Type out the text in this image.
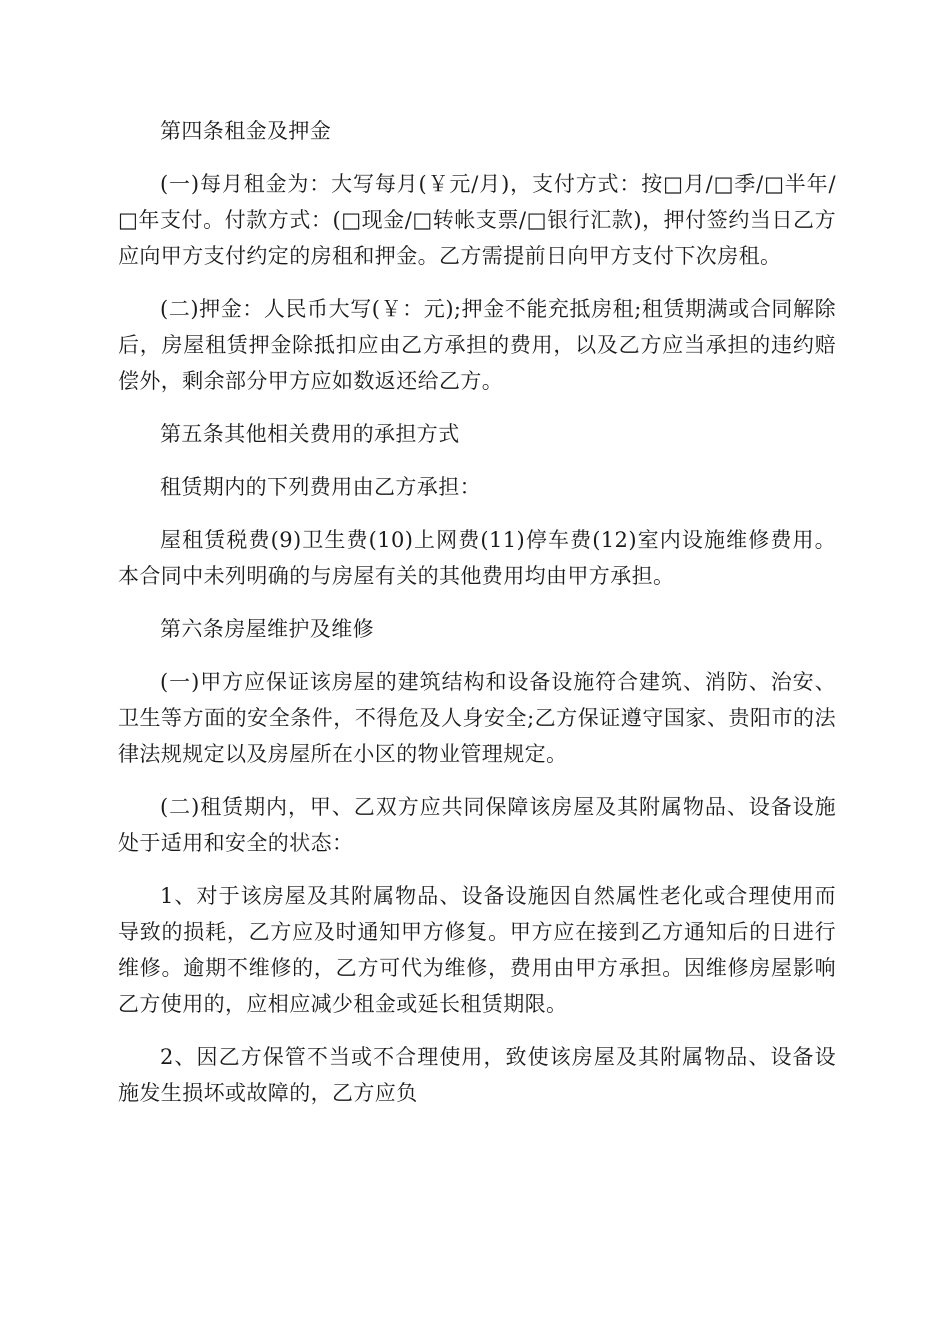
第四条租金及押金

(一)每月租金为：大写每月(￥元/月)，支付方式：按□月/□季/□半年/□年支付。付款方式：(□现金/□转帐支票/□银行汇款)，押付签约当日乙方应向甲方支付约定的房租和押金。乙方需提前日向甲方支付下次房租。

(二)押金：人民币大写(￥：元);押金不能充抵房租;租赁期满或合同解除后，房屋租赁押金除抵扣应由乙方承担的费用，以及乙方应当承担的违约赔偿外，剩余部分甲方应如数返还给乙方。

第五条其他相关费用的承担方式

租赁期内的下列费用由乙方承担：

屋租赁税费(9)卫生费(10)上网费(11)停车费(12)室内设施维修费用。本合同中未列明确的与房屋有关的其他费用均由甲方承担。

第六条房屋维护及维修

(一)甲方应保证该房屋的建筑结构和设备设施符合建筑、消防、治安、卫生等方面的安全条件，不得危及人身安全;乙方保证遵守国家、贵阳市的法律法规规定以及房屋所在小区的物业管理规定。

(二)租赁期内，甲、乙双方应共同保障该房屋及其附属物品、设备设施处于适用和安全的状态：

1、对于该房屋及其附属物品、设备设施因自然属性老化或合理使用而导致的损耗，乙方应及时通知甲方修复。甲方应在接到乙方通知后的日进行维修。逾期不维修的，乙方可代为维修，费用由甲方承担。因维修房屋影响乙方使用的，应相应减少租金或延长租赁期限。

2、因乙方保管不当或不合理使用，致使该房屋及其附属物品、设备设施发生损坏或故障的，乙方应负
